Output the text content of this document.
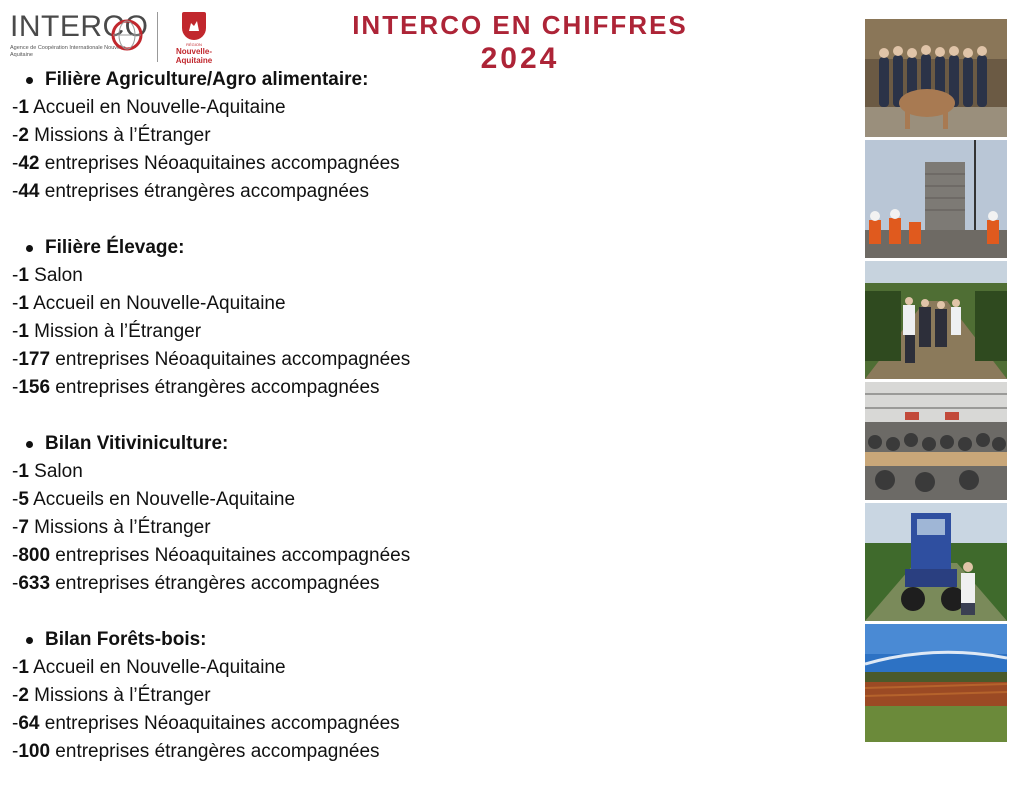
INTERCO
Agence de Coopération Internationale Nouvelle-Aquitaine
RÉGION
Nouvelle-Aquitaine
INTERCO EN CHIFFRES
2024
Filière Agriculture/Agro alimentaire:
-1 Accueil en Nouvelle-Aquitaine
-2 Missions à l’Étranger
-42 entreprises Néoaquitaines accompagnées
-44 entreprises étrangères accompagnées
Filière Élevage:
-1 Salon
-1 Accueil en Nouvelle-Aquitaine
-1 Mission à l’Étranger
-177 entreprises Néoaquitaines accompagnées
-156 entreprises étrangères accompagnées
Bilan Vitiviniculture:
-1 Salon
-5 Accueils en Nouvelle-Aquitaine
-7 Missions à l’Étranger
-800 entreprises Néoaquitaines accompagnées
-633 entreprises étrangères accompagnées
Bilan Forêts-bois:
-1 Accueil en Nouvelle-Aquitaine
-2 Missions à l’Étranger
-64 entreprises Néoaquitaines accompagnées
-100 entreprises étrangères accompagnées
